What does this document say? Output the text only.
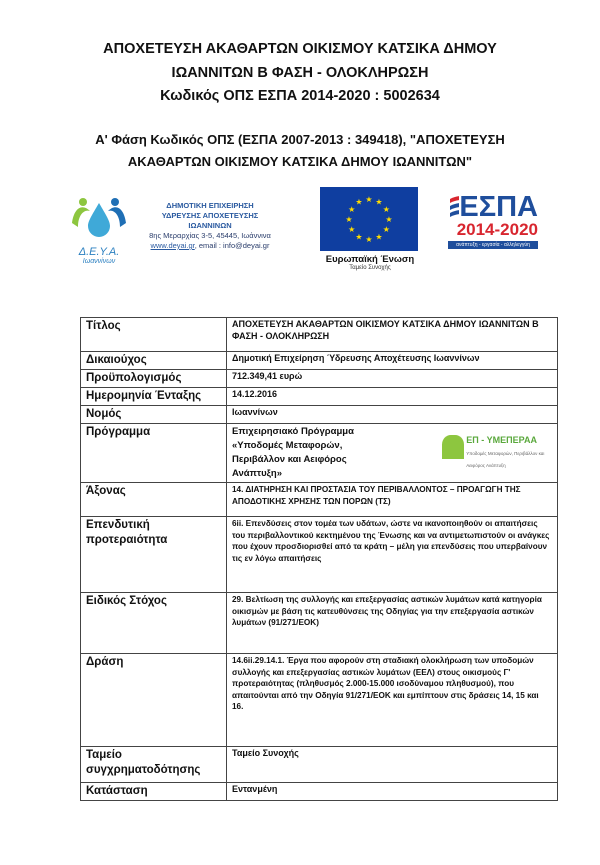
ΑΠΟΧΕΤΕΥΣΗ ΑΚΑΘΑΡΤΩΝ ΟΙΚΙΣΜΟΥ ΚΑΤΣΙΚΑ ΔΗΜΟΥ
ΙΩΑΝΝΙΤΩΝ Β ΦΑΣΗ - ΟΛΟΚΛΗΡΩΣΗ
Κωδικός ΟΠΣ ΕΣΠΑ 2014-2020 : 5002634
Α' Φάση Κωδικός ΟΠΣ (ΕΣΠΑ 2007-2013 : 349418), "ΑΠΟΧΕΤΕΥΣΗ
ΑΚΑΘΑΡΤΩΝ ΟΙΚΙΣΜΟΥ ΚΑΤΣΙΚΑ ΔΗΜΟΥ ΙΩΑΝΝΙΤΩΝ"
Δ.Ε.Υ.Α.
Ιωαννίνων
ΔΗΜΟΤΙΚΗ ΕΠΙΧΕΙΡΗΣΗ
ΥΔΡΕΥΣΗΣ ΑΠΟΧΕΤΕΥΣΗΣ
ΙΩΑΝΝΙΝΩΝ
8ης Μεραρχίας 3-5, 45445, Ιωάννινα
www.deyai.gr, email : info@deyai.gr
★
★
★
★
★
★
★
★
★ ★ ★
★
Ευρωπαϊκή Ένωση
Ταμείο Συνοχής
ΕΣΠΑ
2014-2020
ανάπτυξη - εργασία - αλληλεγγύη
Τίτλος	ΑΠΟΧΕΤΕΥΣΗ ΑΚΑΘΑΡΤΩΝ ΟΙΚΙΣΜΟΥ ΚΑΤΣΙΚΑ ΔΗΜΟΥ ΙΩΑΝΝΙΤΩΝ Β ΦΑΣΗ - ΟΛΟΚΛΗΡΩΣΗ
Δικαιούχος	Δημοτική Επιχείρηση Ύδρευσης Αποχέτευσης Ιωαννίνων
Προϋπολογισμός	712.349,41 ευρώ
Ημερομηνία Ένταξης	14.12.2016
Νομός	Ιωαννίνων
Πρόγραμμα	Επιχειρησιακό Πρόγραμμα «Υποδομές Μεταφορών, Περιβάλλον και Αειφόρος Ανάπτυξη»
ΕΠ - ΥΜΕΠΕΡΑΑ
Υποδομές Μεταφορών, Περιβάλλον και Αειφόρος Ανάπτυξη

Άξονας	14. ΔΙΑΤΗΡΗΣΗ ΚΑΙ ΠΡΟΣΤΑΣΙΑ ΤΟΥ ΠΕΡΙΒΑΛΛΟΝΤΟΣ – ΠΡΟΑΓΩΓΗ ΤΗΣ ΑΠΟΔΟΤΙΚΗΣ ΧΡΗΣΗΣ ΤΩΝ ΠΟΡΩΝ (ΤΣ)
Επενδυτική προτεραιότητα	6ii. Επενδύσεις στον τομέα των υδάτων, ώστε να ικανοποιηθούν οι απαιτήσεις του περιβαλλοντικού κεκτημένου της Ένωσης και να αντιμετωπιστούν οι ανάγκες που έχουν προσδιορισθεί από τα κράτη – μέλη για επενδύσεις που υπερβαίνουν τις εν λόγω απαιτήσεις
Ειδικός Στόχος	29. Βελτίωση της συλλογής και επεξεργασίας αστικών λυμάτων κατά κατηγορία οικισμών με βάση τις κατευθύνσεις της Οδηγίας για την επεξεργασία αστικών λυμάτων (91/271/ΕΟΚ)
Δράση	14.6ii.29.14.1. Έργα που αφορούν στη σταδιακή ολοκλήρωση των υποδομών συλλογής και επεξεργασίας αστικών λυμάτων (ΕΕΛ) στους οικισμούς Γ' προτεραιότητας (πληθυσμός 2.000-15.000 ισοδύναμου πληθυσμού), που απαιτούνται από την Οδηγία 91/271/ΕΟΚ και εμπίπτουν στις δράσεις 14, 15 και 16.
Ταμείο συγχρηματοδότησης	Ταμείο Συνοχής
Κατάσταση	Εντανμένη
